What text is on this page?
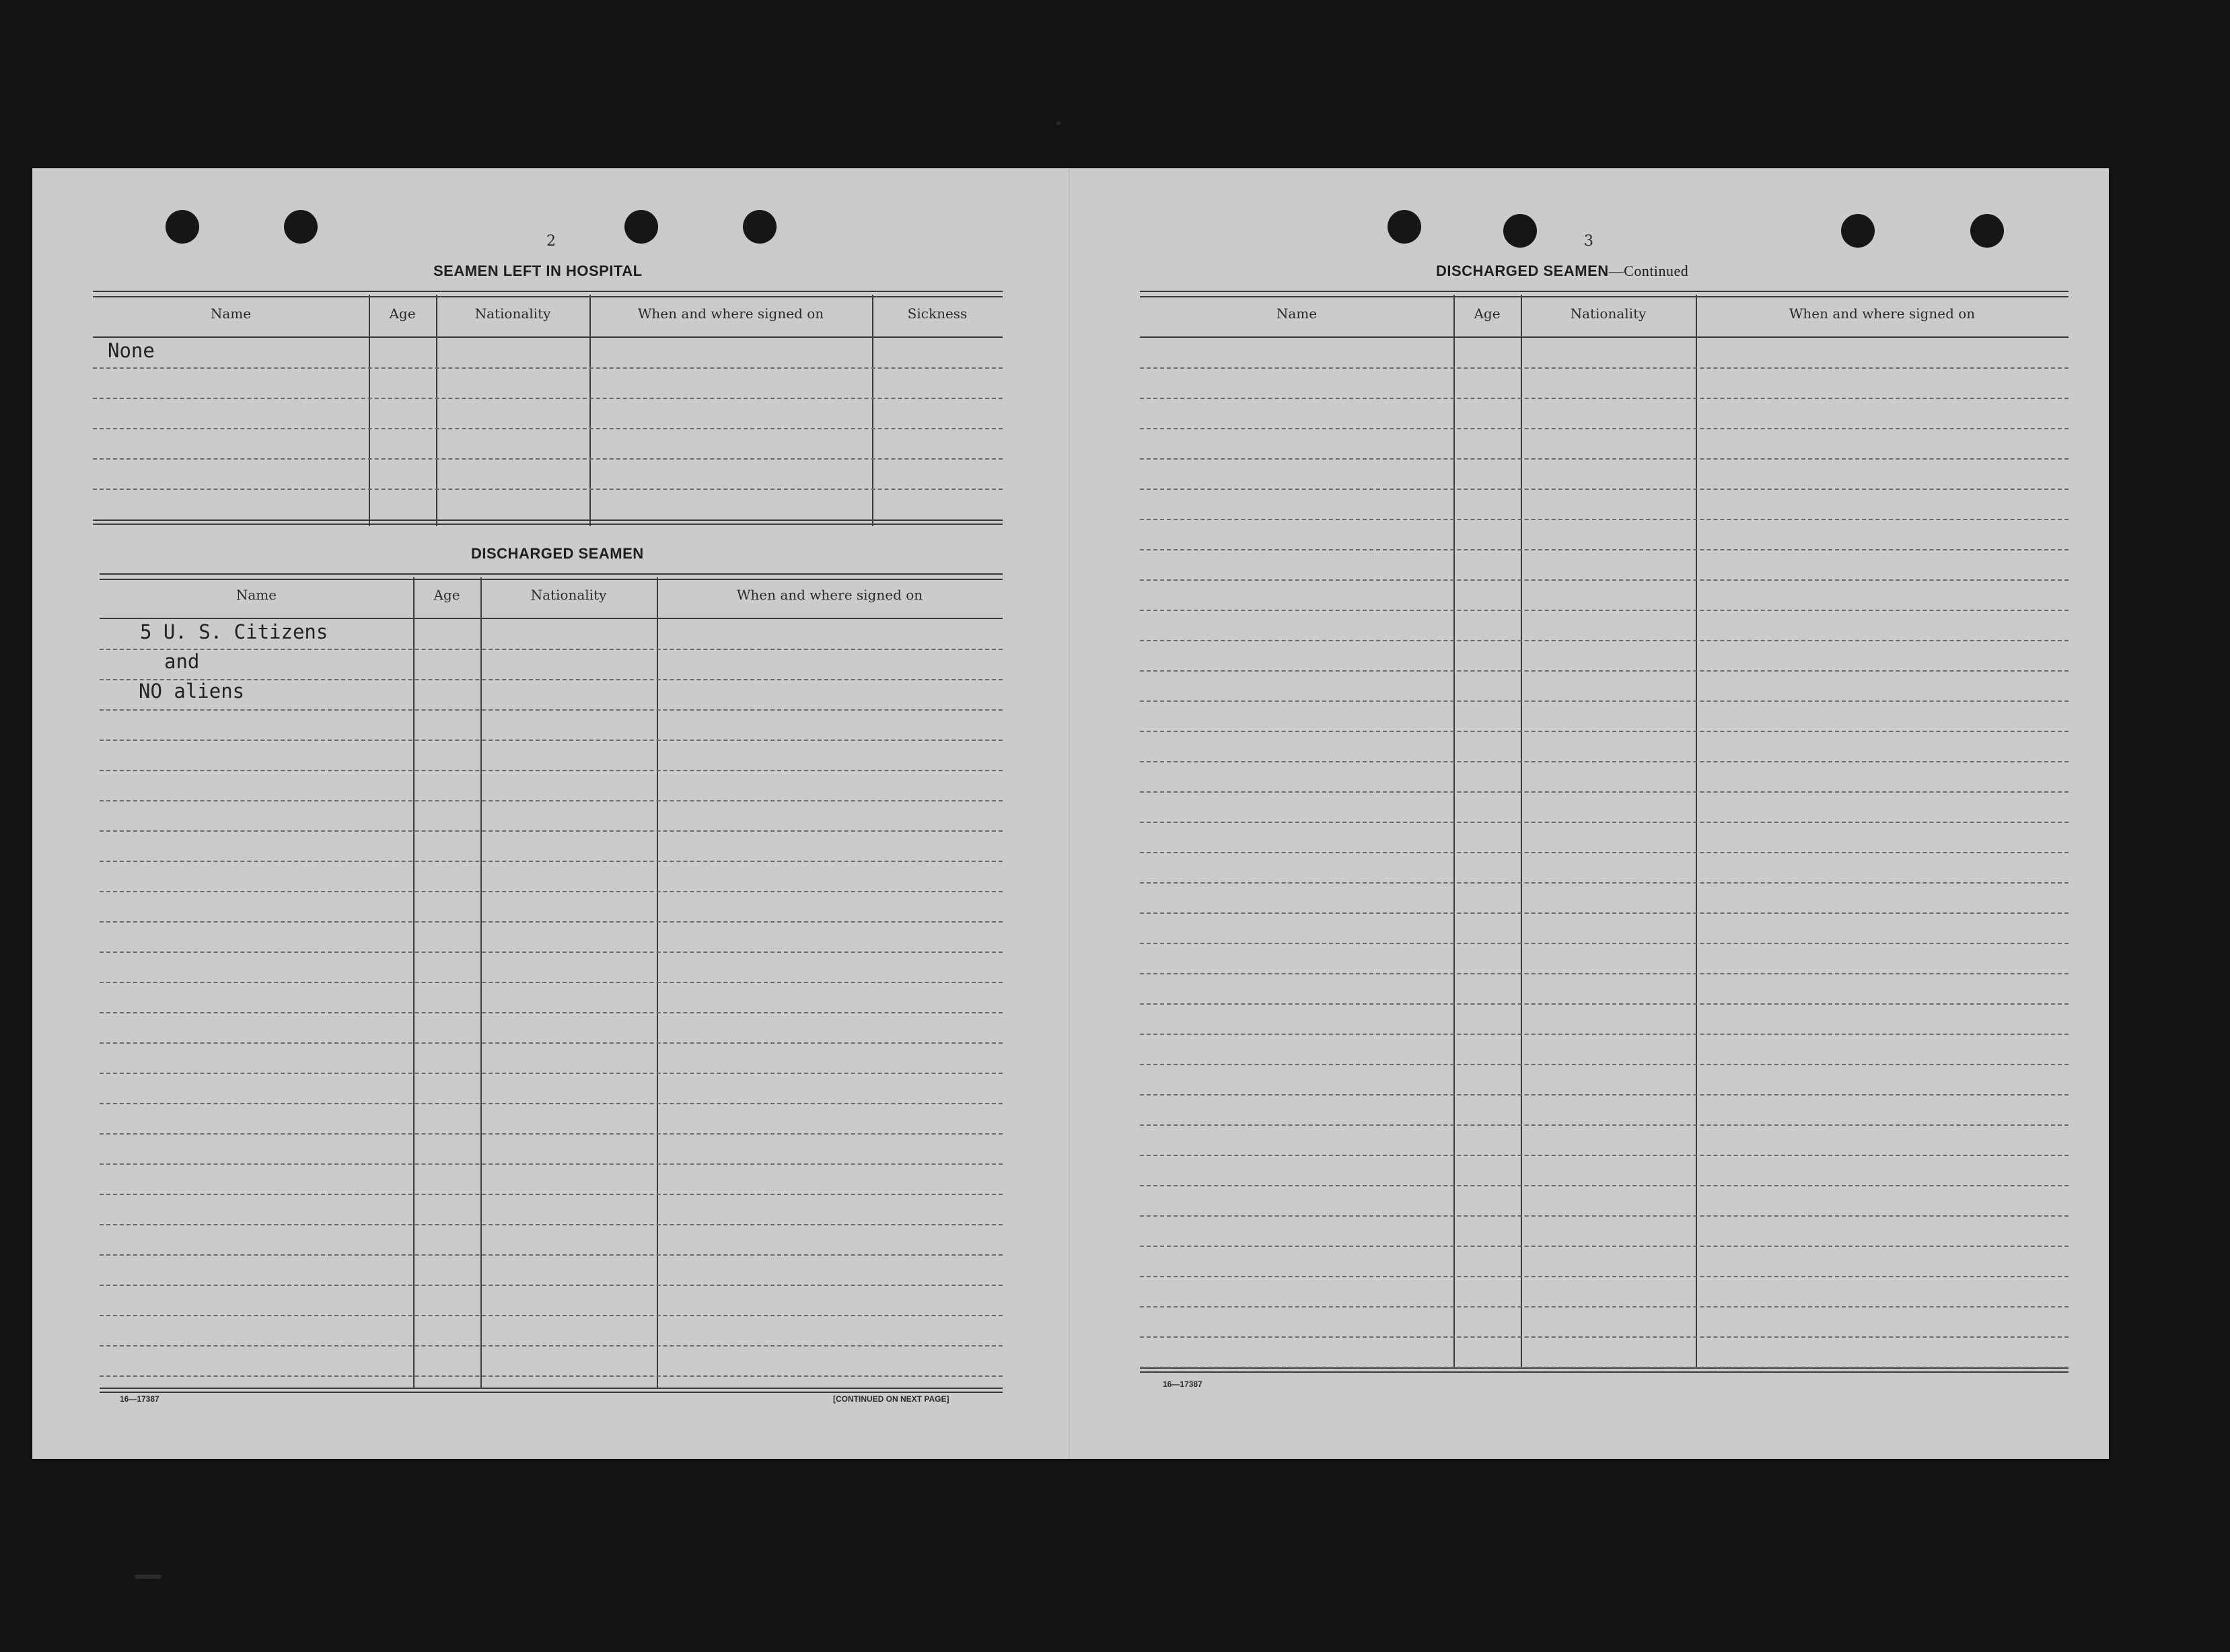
2
SEAMEN LEFT IN HOSPITAL
Name	Age	Nationality	When and where signed on	Sickness
None
DISCHARGED SEAMEN
Name	Age	Nationality	When and where signed on
5 U. S. Citizens
and
NO aliens
16—17387	[CONTINUED ON NEXT PAGE]
3
DISCHARGED SEAMEN—Continued
Name	Age	Nationality	When and where signed on
16—17387
